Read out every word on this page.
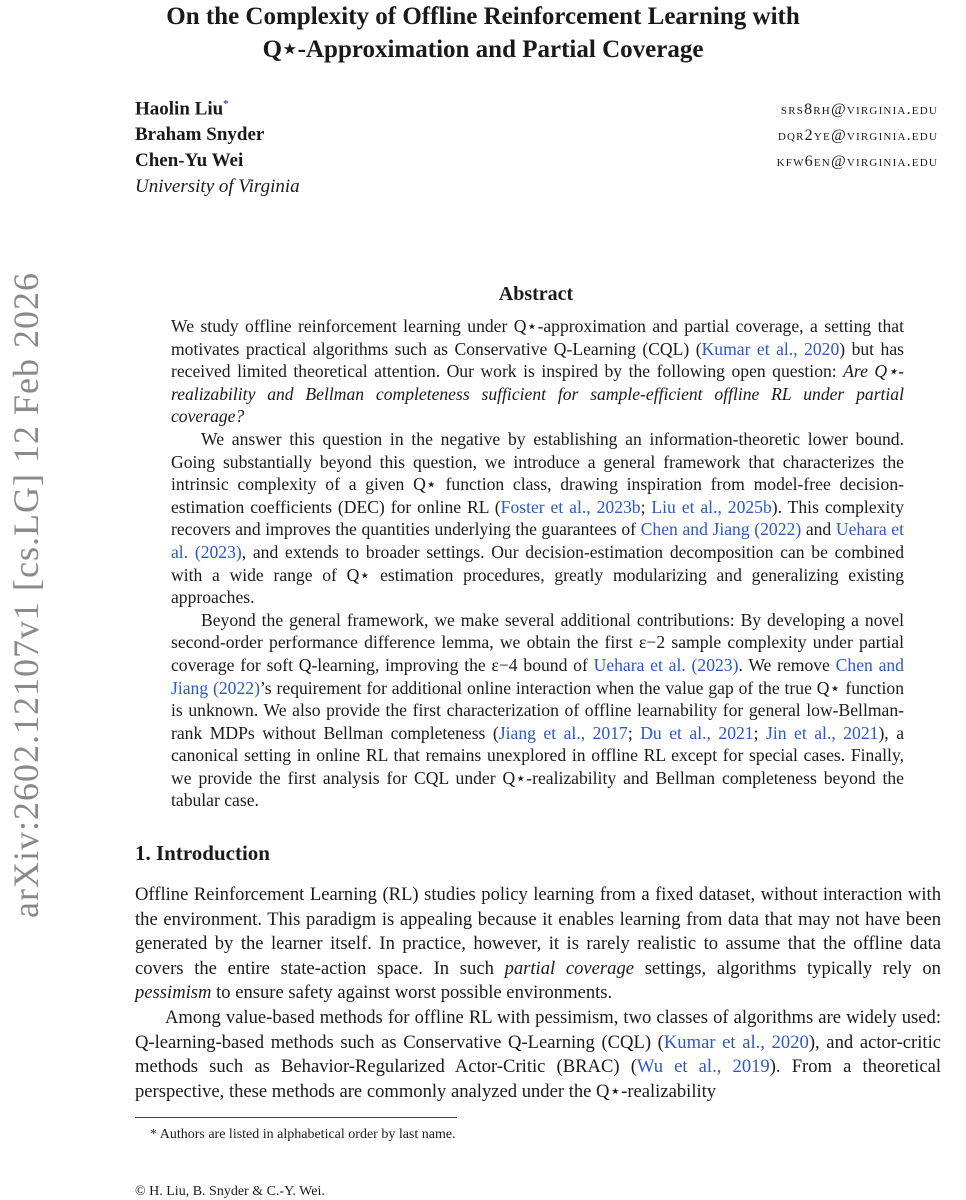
On the Complexity of Offline Reinforcement Learning with
Q⋆-Approximation and Partial Coverage
Haolin Liu*
Braham Snyder
Chen-Yu Wei
srs8rh@virginia.edu
dqr2ye@virginia.edu
kfw6en@virginia.edu
University of Virginia
arXiv:2602.12107v1 [cs.LG] 12 Feb 2026	Abstract

We study offline reinforcement learning under Q⋆-approximation and partial coverage, a setting that motivates practical algorithms such as Conservative Q-Learning (CQL) (Kumar et al., 2020) but has received limited theoretical attention. Our work is inspired by the following open question: Are Q⋆-realizability and Bellman completeness sufficient for sample-efficient offline RL under partial coverage?

We answer this question in the negative by establishing an information-theoretic lower bound. Going substantially beyond this question, we introduce a general framework that characterizes the intrinsic complexity of a given Q⋆ function class, drawing inspiration from model-free decision-estimation coefficients (DEC) for online RL (Foster et al., 2023b; Liu et al., 2025b). This complexity recovers and improves the quantities underlying the guarantees of Chen and Jiang (2022) and Uehara et al. (2023), and extends to broader settings. Our decision-estimation decomposition can be combined with a wide range of Q⋆ estimation procedures, greatly modularizing and generalizing existing approaches.

Beyond the general framework, we make several additional contributions: By developing a novel second-order performance difference lemma, we obtain the first ε−2 sample complexity under partial coverage for soft Q-learning, improving the ε−4 bound of Uehara et al. (2023). We remove Chen and Jiang (2022)’s requirement for additional online interaction when the value gap of the true Q⋆ function is unknown. We also provide the first characterization of offline learnability for general low-Bellman-rank MDPs without Bellman completeness (Jiang et al., 2017; Du et al., 2021; Jin et al., 2021), a canonical setting in online RL that remains unexplored in offline RL except for special cases. Finally, we provide the first analysis for CQL under Q⋆-realizability and Bellman completeness beyond the tabular case.

1. Introduction

Offline Reinforcement Learning (RL) studies policy learning from a fixed dataset, without interaction with the environment. This paradigm is appealing because it enables learning from data that may not have been generated by the learner itself. In practice, however, it is rarely realistic to assume that the offline data covers the entire state-action space. In such partial coverage settings, algorithms typically rely on pessimism to ensure safety against worst possible environments.

Among value-based methods for offline RL with pessimism, two classes of algorithms are widely used: Q-learning-based methods such as Conservative Q-Learning (CQL) (Kumar et al., 2020), and actor-critic methods such as Behavior-Regularized Actor-Critic (BRAC) (Wu et al., 2019). From a theoretical perspective, these methods are commonly analyzed under the Q⋆-realizability

* Authors are listed in alphabetical order by last name.
© H. Liu, B. Snyder & C.-Y. Wei.
